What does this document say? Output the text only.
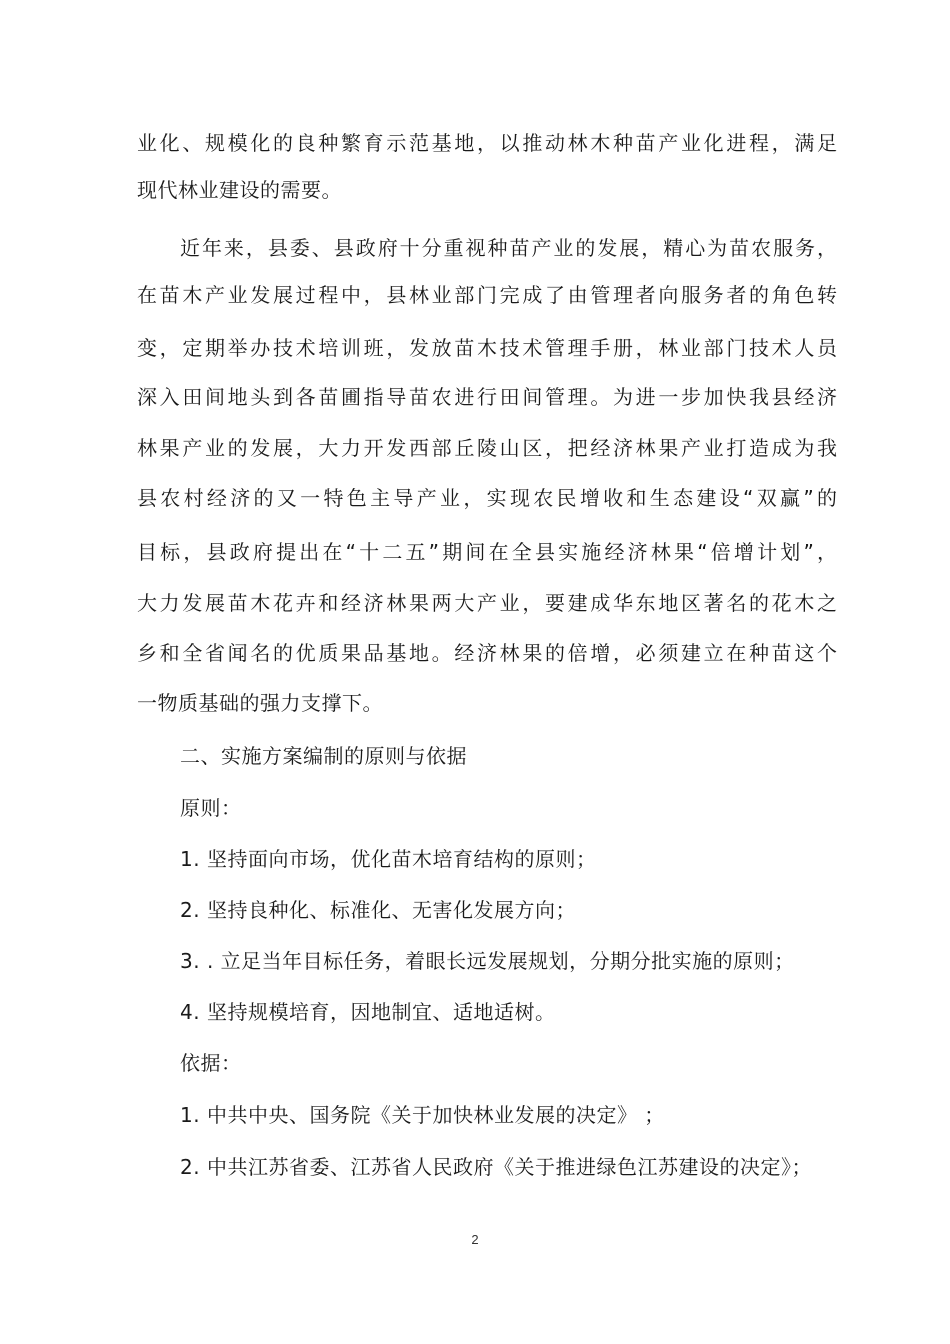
业化、规模化的良种繁育示范基地，以推动林木种苗产业化进程，满足
现代林业建设的需要。
近年来，县委、县政府十分重视种苗产业的发展，精心为苗农服务，
在苗木产业发展过程中，县林业部门完成了由管理者向服务者的角色转
变，定期举办技术培训班，发放苗木技术管理手册，林业部门技术人员
深入田间地头到各苗圃指导苗农进行田间管理。为进一步加快我县经济
林果产业的发展，大力开发西部丘陵山区，把经济林果产业打造成为我
县农村经济的又一特色主导产业，实现农民增收和生态建设“双赢”的
目标，县政府提出在“十二五”期间在全县实施经济林果“倍增计划”，
大力发展苗木花卉和经济林果两大产业，要建成华东地区著名的花木之
乡和全省闻名的优质果品基地。经济林果的倍增，必须建立在种苗这个
一物质基础的强力支撑下。
二、实施方案编制的原则与依据
原则：
1. 坚持面向市场，优化苗木培育结构的原则；
2. 坚持良种化、标准化、无害化发展方向；
3. . 立足当年目标任务，着眼长远发展规划，分期分批实施的原则；
4. 坚持规模培育，因地制宜、适地适树。
依据：
1. 中共中央、国务院《关于加快林业发展的决定》 ；
2. 中共江苏省委、江苏省人民政府《关于推进绿色江苏建设的决定》；
2
